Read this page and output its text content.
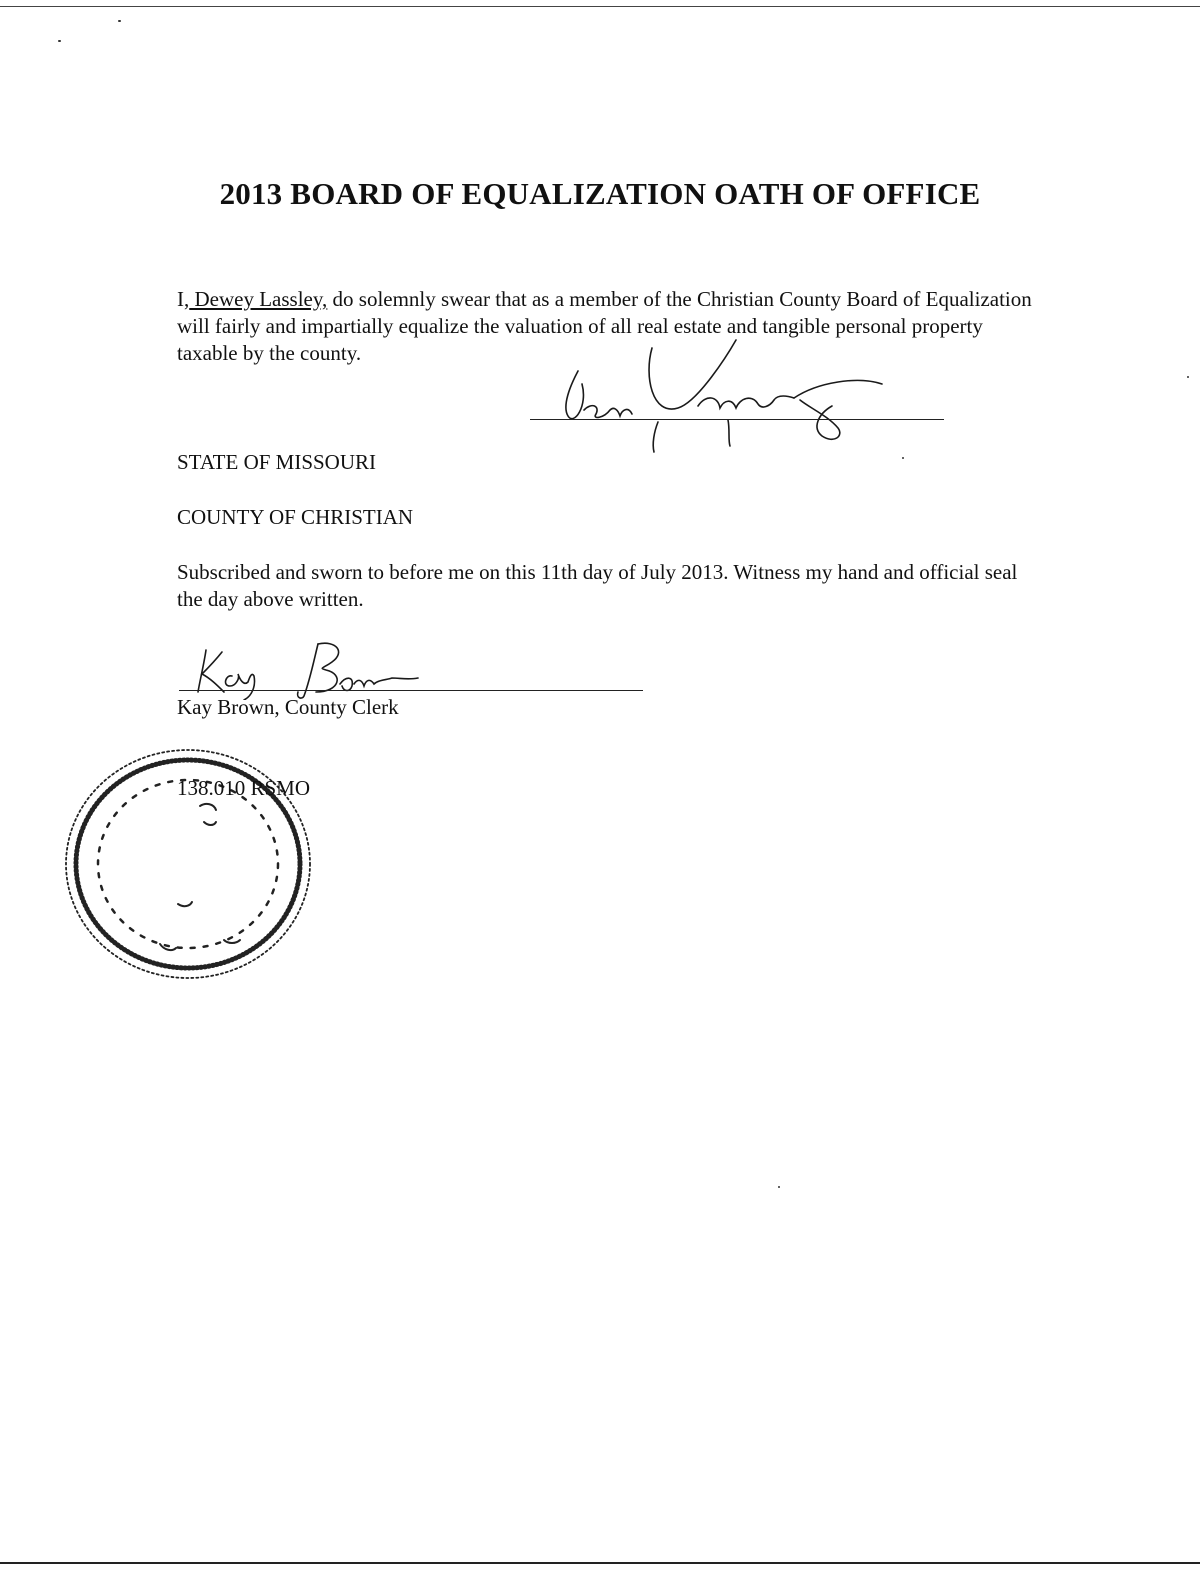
2013 BOARD OF EQUALIZATION OATH OF OFFICE
I, Dewey Lassley, do solemnly swear that as a member of the Christian County Board of Equalization will fairly and impartially equalize the valuation of all real estate and tangible personal property taxable by the county.
STATE OF MISSOURI
COUNTY OF CHRISTIAN
Subscribed and sworn to before me on this 11th day of July 2013. Witness my hand and official seal the day above written.
Kay Brown, County Clerk
138.010 RSMO
